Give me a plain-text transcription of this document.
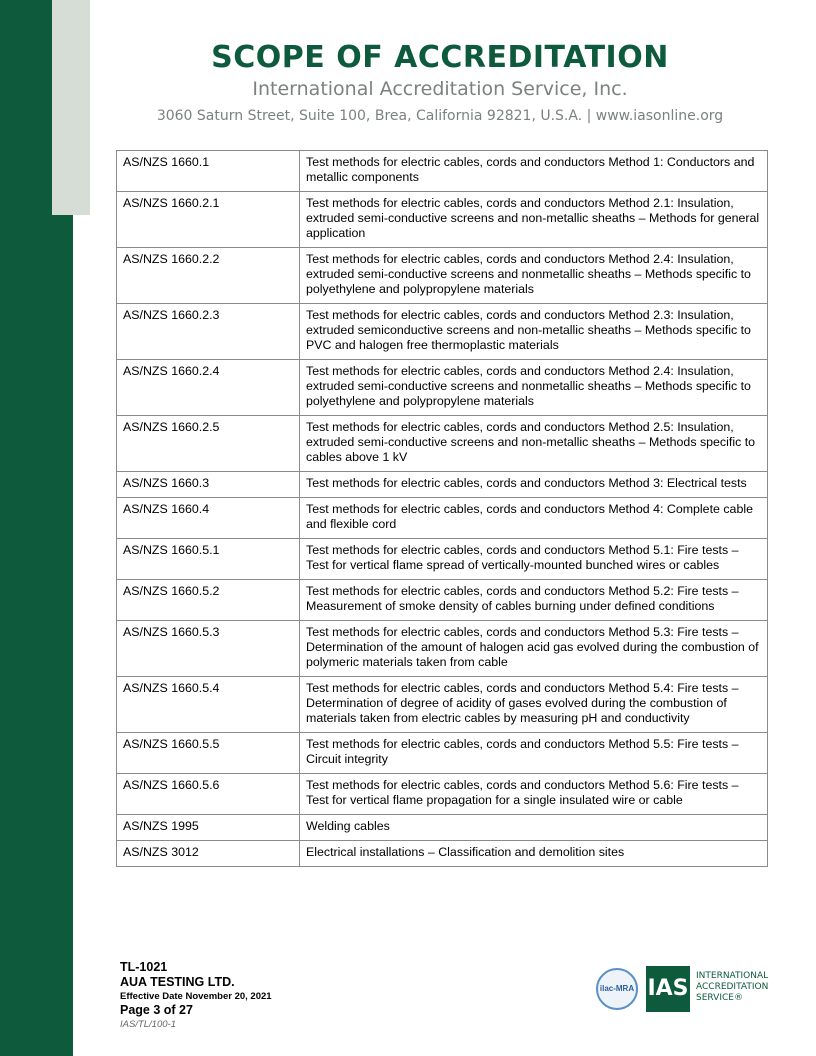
SCOPE OF ACCREDITATION
International Accreditation Service, Inc.
3060 Saturn Street, Suite 100, Brea, California 92821, U.S.A. | www.iasonline.org
AS/NZS 1660.1	Test methods for electric cables, cords and conductors Method 1: Conductors and metallic components
AS/NZS 1660.2.1	Test methods for electric cables, cords and conductors Method 2.1: Insulation, extruded semi-conductive screens and non-metallic sheaths – Methods for general application
AS/NZS 1660.2.2	Test methods for electric cables, cords and conductors Method 2.4: Insulation, extruded semi-conductive screens and nonmetallic sheaths – Methods specific to polyethylene and polypropylene materials
AS/NZS 1660.2.3	Test methods for electric cables, cords and conductors Method 2.3: Insulation, extruded semiconductive screens and non-metallic sheaths – Methods specific to PVC and halogen free thermoplastic materials
AS/NZS 1660.2.4	Test methods for electric cables, cords and conductors Method 2.4: Insulation, extruded semi-conductive screens and nonmetallic sheaths – Methods specific to polyethylene and polypropylene materials
AS/NZS 1660.2.5	Test methods for electric cables, cords and conductors Method 2.5: Insulation, extruded semi-conductive screens and non-metallic sheaths – Methods specific to cables above 1 kV
AS/NZS 1660.3	Test methods for electric cables, cords and conductors Method 3: Electrical tests
AS/NZS 1660.4	Test methods for electric cables, cords and conductors Method 4: Complete cable and flexible cord
AS/NZS 1660.5.1	Test methods for electric cables, cords and conductors Method 5.1: Fire tests – Test for vertical flame spread of vertically-mounted bunched wires or cables
AS/NZS 1660.5.2	Test methods for electric cables, cords and conductors Method 5.2: Fire tests – Measurement of smoke density of cables burning under defined conditions
AS/NZS 1660.5.3	Test methods for electric cables, cords and conductors Method 5.3: Fire tests – Determination of the amount of halogen acid gas evolved during the combustion of polymeric materials taken from cable
AS/NZS 1660.5.4	Test methods for electric cables, cords and conductors Method 5.4: Fire tests – Determination of degree of acidity of gases evolved during the combustion of materials taken from electric cables by measuring pH and conductivity
AS/NZS 1660.5.5	Test methods for electric cables, cords and conductors Method 5.5: Fire tests – Circuit integrity
AS/NZS 1660.5.6	Test methods for electric cables, cords and conductors Method 5.6: Fire tests – Test for vertical flame propagation for a single insulated wire or cable
AS/NZS 1995	Welding cables
AS/NZS 3012	Electrical installations – Classification and demolition sites
TL-1021
AUA TESTING LTD.
Effective Date November 20, 2021
Page 3 of 27
IAS/TL/100-1
ilac-MRA IAS INTERNATIONAL
ACCREDITATION
SERVICE®
